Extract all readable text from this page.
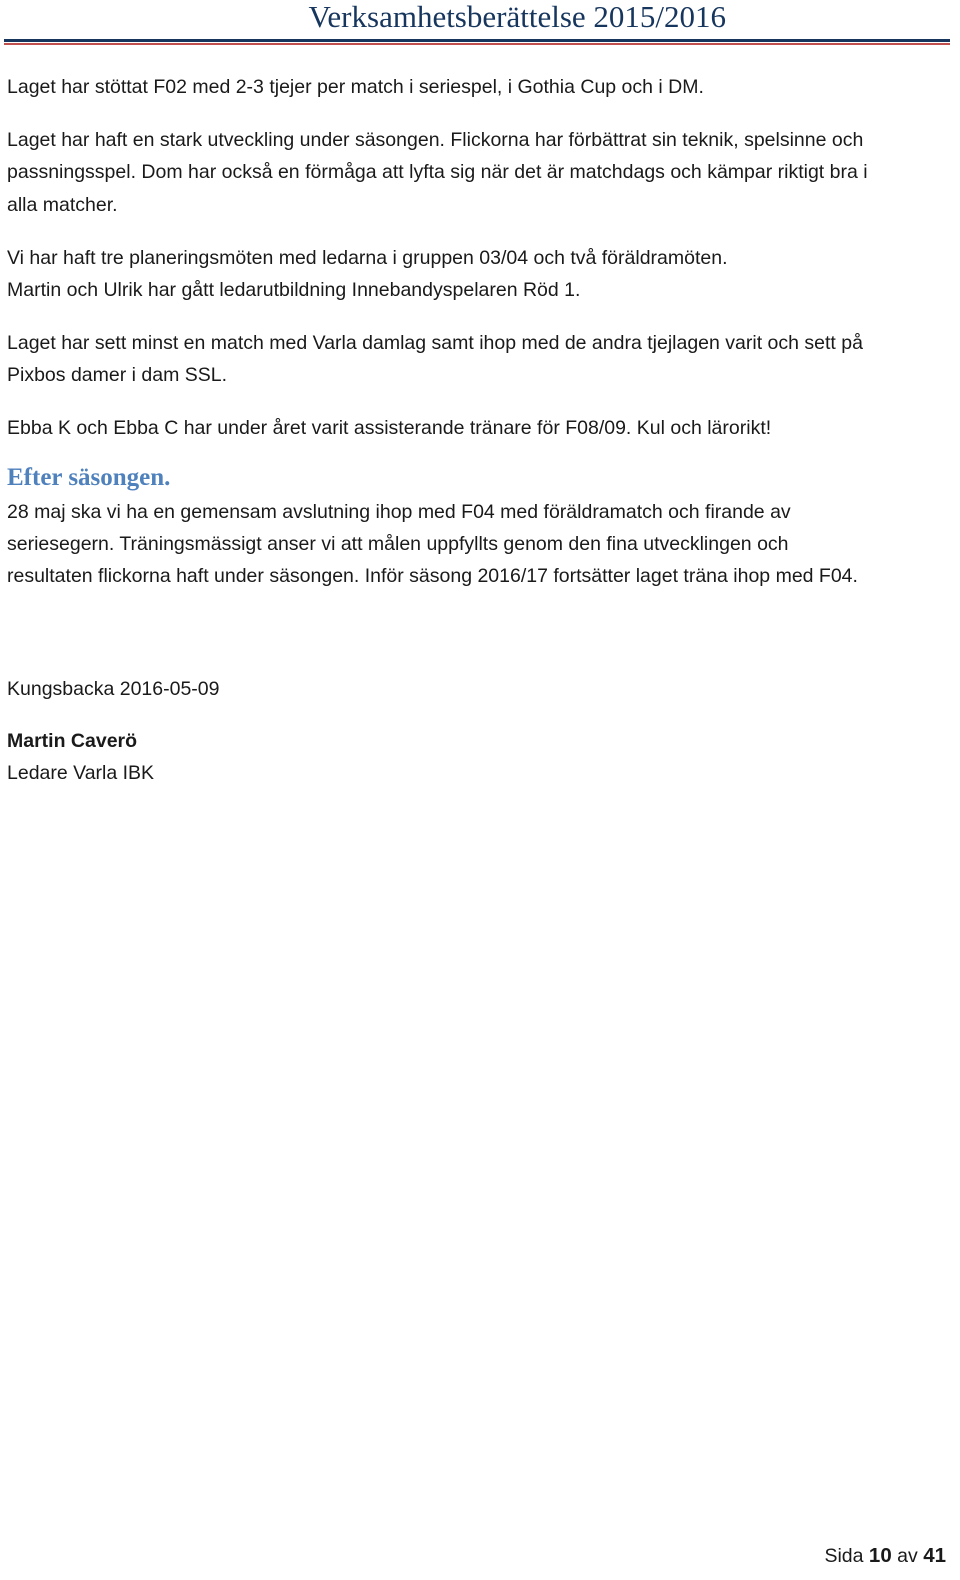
Verksamhetsberättelse 2015/2016

Laget har stöttat F02 med 2-3 tjejer per match i seriespel, i Gothia Cup och i DM.

Laget har haft en stark utveckling under säsongen. Flickorna har förbättrat sin teknik, spelsinne och
passningsspel. Dom har också en förmåga att lyfta sig när det är matchdags och kämpar riktigt bra i
alla matcher.

Vi har haft tre planeringsmöten med ledarna i gruppen 03/04 och två föräldramöten.
Martin och Ulrik har gått ledarutbildning Innebandyspelaren Röd 1.

Laget har sett minst en match med Varla damlag samt ihop med de andra tjejlagen varit och sett på
Pixbos damer i dam SSL.

Ebba K och Ebba C har under året varit assisterande tränare för F08/09. Kul och lärorikt!

Efter säsongen.

28 maj ska vi ha en gemensam avslutning ihop med F04 med föräldramatch och firande av
seriesegern. Träningsmässigt anser vi att målen uppfyllts genom den fina utvecklingen och
resultaten flickorna haft under säsongen. Inför säsong 2016/17 fortsätter laget träna ihop med F04.

Kungsbacka 2016-05-09
Martin Caverö
Ledare Varla IBK
Sida 10 av 41
